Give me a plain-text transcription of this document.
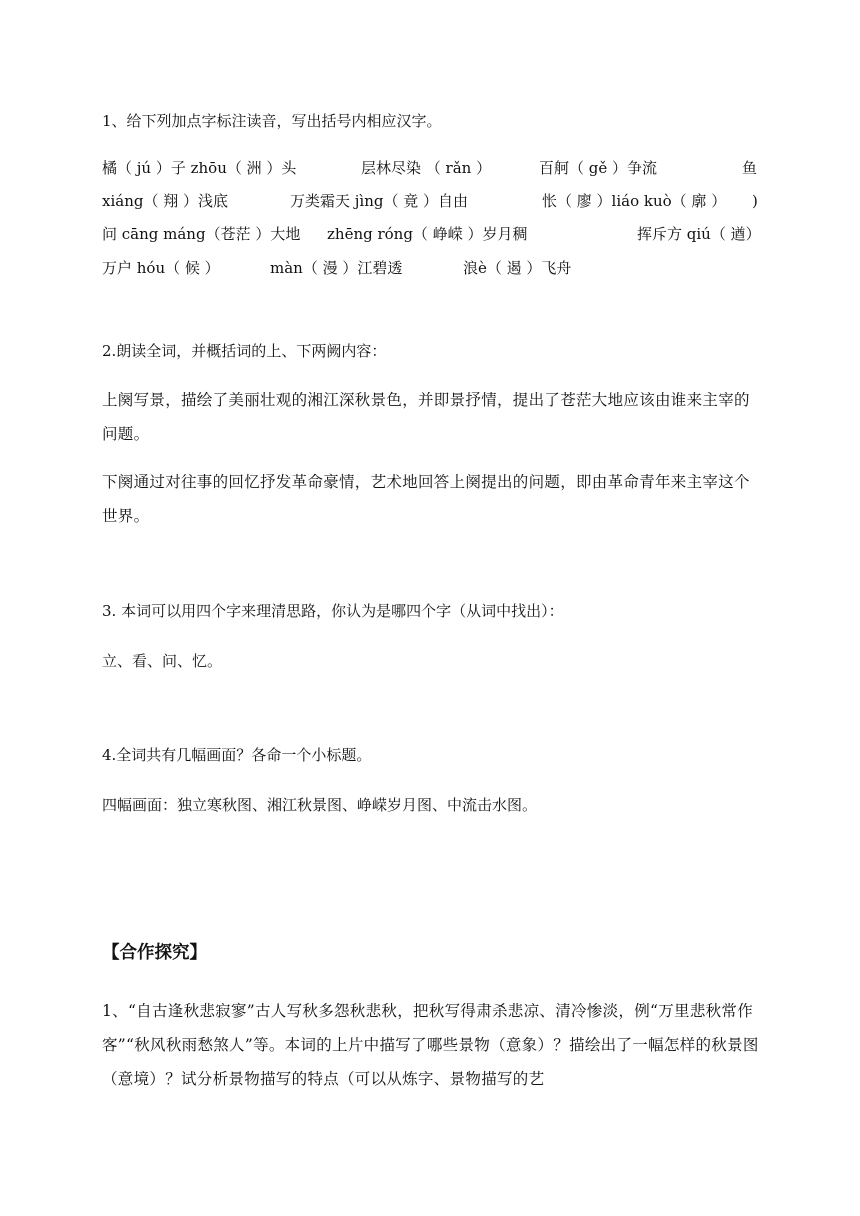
1、给下列加点字标注读音，写出括号内相应汉字。
橘（ jú ）子 zhōu（ 洲 ）头	层林尽染 （ rǎn ）	百舸（ gě ）争流	鱼
xiáng（ 翔 ）浅底	万类霜天 jìng（ 竟 ）自由	怅（ 廖 ）liáo kuò（ 廓 ） )
问 cāng máng（苍茫 ）大地 zhēng róng（ 峥嵘 ）岁月稠	挥斥方 qiú（ 遒）
万户 hóu（ 候 ）	màn（ 漫 ）江碧透	浪è（ 遏 ）飞舟
2.朗读全词，并概括词的上、下两阙内容：
上阕写景，描绘了美丽壮观的湘江深秋景色，并即景抒情，提出了苍茫大地应该由谁来主宰的问题。
下阕通过对往事的回忆抒发革命豪情，艺术地回答上阕提出的问题，即由革命青年来主宰这个世界。
3. 本词可以用四个字来理清思路，你认为是哪四个字（从词中找出）：
立、看、问、忆。
4.全词共有几幅画面？各命一个小标题。
四幅画面：独立寒秋图、湘江秋景图、峥嵘岁月图、中流击水图。
【合作探究】
1、“自古逢秋悲寂寥”古人写秋多怨秋悲秋，把秋写得肃杀悲凉、清冷惨淡，例“万里悲秋常作客”“秋风秋雨愁煞人”等。本词的上片中描写了哪些景物（意象）？描绘出了一幅怎样的秋景图（意境）？试分析景物描写的特点（可以从炼字、景物描写的艺
